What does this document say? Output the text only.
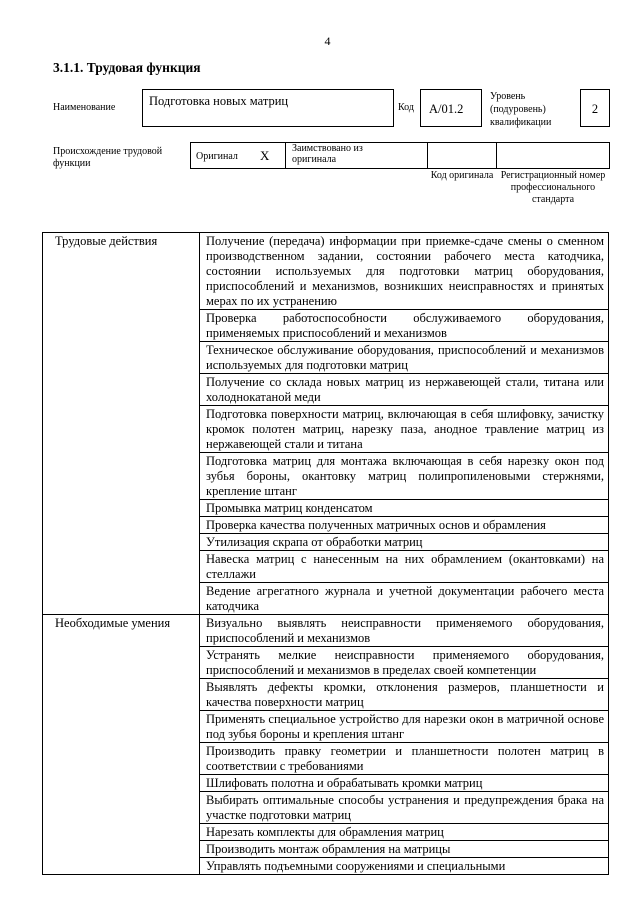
4
3.1.1. Трудовая функция
Наименование	Подготовка новых матриц	Код	А/01.2
Уровень (подуровень) квалификации
2
Происхождение трудовой функции
Оригинал X Заимствовано из оригинала
Код оригинала Регистрационный номер профессионального стандарта
Трудовые действия	Получение (передача) информации при приемке-сдаче смены о сменном производственном задании, состоянии рабочего места катодчика, состоянии используемых для подготовки матриц оборудования, приспособлений и механизмов, возникших неисправностях и принятых мерах по их устранению
	Проверка работоспособности обслуживаемого оборудования, применяемых приспособлений и механизмов
	Техническое обслуживание оборудования, приспособлений и механизмов используемых для подготовки матриц
	Получение со склада новых матриц из нержавеющей стали, титана или холоднокатаной меди
	Подготовка поверхности матриц, включающая в себя шлифовку, зачистку кромок полотен матриц, нарезку паза, анодное травление матриц из нержавеющей стали и титана
	Подготовка матриц для монтажа включающая в себя нарезку окон под зубья бороны, окантовку матриц полипропиленовыми стержнями, крепление штанг
	Промывка матриц конденсатом
	Проверка качества полученных матричных основ и обрамления
	Утилизация скрапа от обработки матриц
	Навеска матриц с нанесенным на них обрамлением (окантовками) на стеллажи
	Ведение агрегатного журнала и учетной документации рабочего места катодчика
Необходимые умения	Визуально выявлять неисправности применяемого оборудования, приспособлений и механизмов
	Устранять мелкие неисправности применяемого оборудования, приспособлений и механизмов в пределах своей компетенции
	Выявлять дефекты кромки, отклонения размеров, планшетности и качества поверхности матриц
	Применять специальное устройство для нарезки окон в матричной основе под зубья бороны и крепления штанг
	Производить правку геометрии и планшетности полотен матриц в соответствии с требованиями
	Шлифовать полотна и обрабатывать кромки матриц
	Выбирать оптимальные способы устранения и предупреждения брака на участке подготовки матриц
	Нарезать комплекты для обрамления матриц
	Производить монтаж обрамления на матрицы
	Управлять подъемными сооружениями и специальными
